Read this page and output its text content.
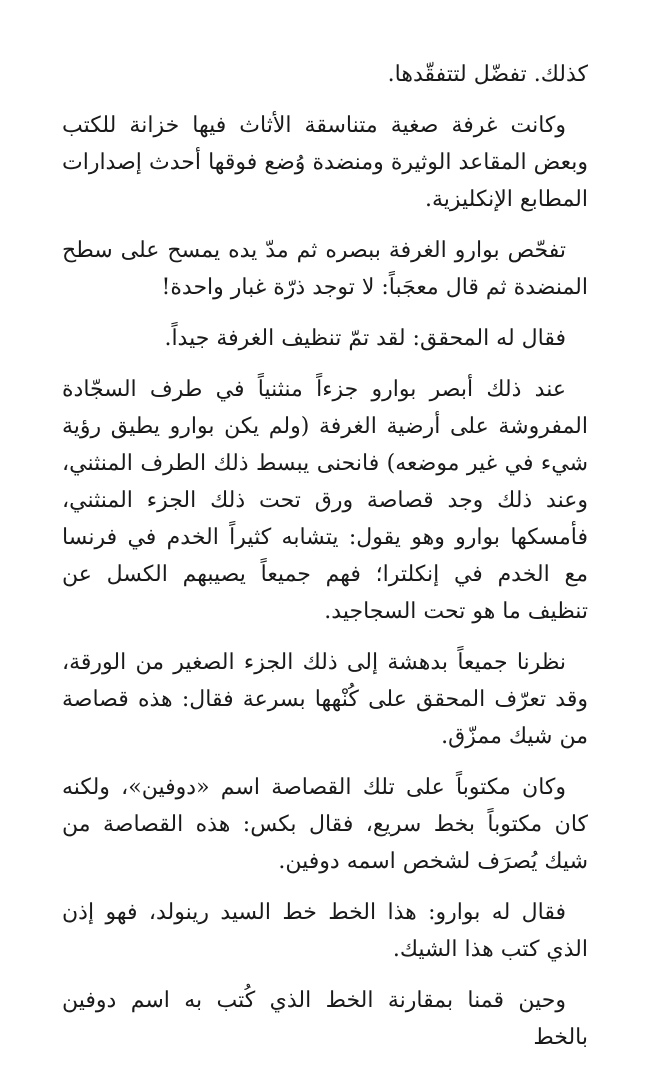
كذلك. تفضّل لتتفقّدها.

وكانت غرفة صغية متناسقة الأثاث فيها خزانة للكتب وبعض المقاعد الوثيرة ومنضدة وُضع فوقها أحدث إصدارات المطابع الإنكليزية.

تفحّص بوارو الغرفة ببصره ثم مدّ يده يمسح على سطح المنضدة ثم قال معجَباً: لا توجد ذرّة غبار واحدة!

فقال له المحقق: لقد تمّ تنظيف الغرفة جيداً.

عند ذلك أبصر بوارو جزءاً منثنياً في طرف السجّادة المفروشة على أرضية الغرفة (ولم يكن بوارو يطيق رؤية شيء في غير موضعه) فانحنى يبسط ذلك الطرف المنثني، وعند ذلك وجد قصاصة ورق تحت ذلك الجزء المنثني، فأمسكها بوارو وهو يقول: يتشابه كثيراً الخدم في فرنسا مع الخدم في إنكلترا؛ فهم جميعاً يصيبهم الكسل عن تنظيف ما هو تحت السجاجيد.

نظرنا جميعاً بدهشة إلى ذلك الجزء الصغير من الورقة، وقد تعرّف المحقق على كُنْهها بسرعة فقال: هذه قصاصة من شيك ممزّق.

وكان مكتوباً على تلك القصاصة اسم «دوفين»، ولكنه كان مكتوباً بخط سريع، فقال بكس: هذه القصاصة من شيك يُصرَف لشخص اسمه دوفين.

فقال له بوارو: هذا الخط خط السيد رينولد، فهو إذن الذي كتب هذا الشيك.

وحين قمنا بمقارنة الخط الذي كُتب به اسم دوفين بالخط
